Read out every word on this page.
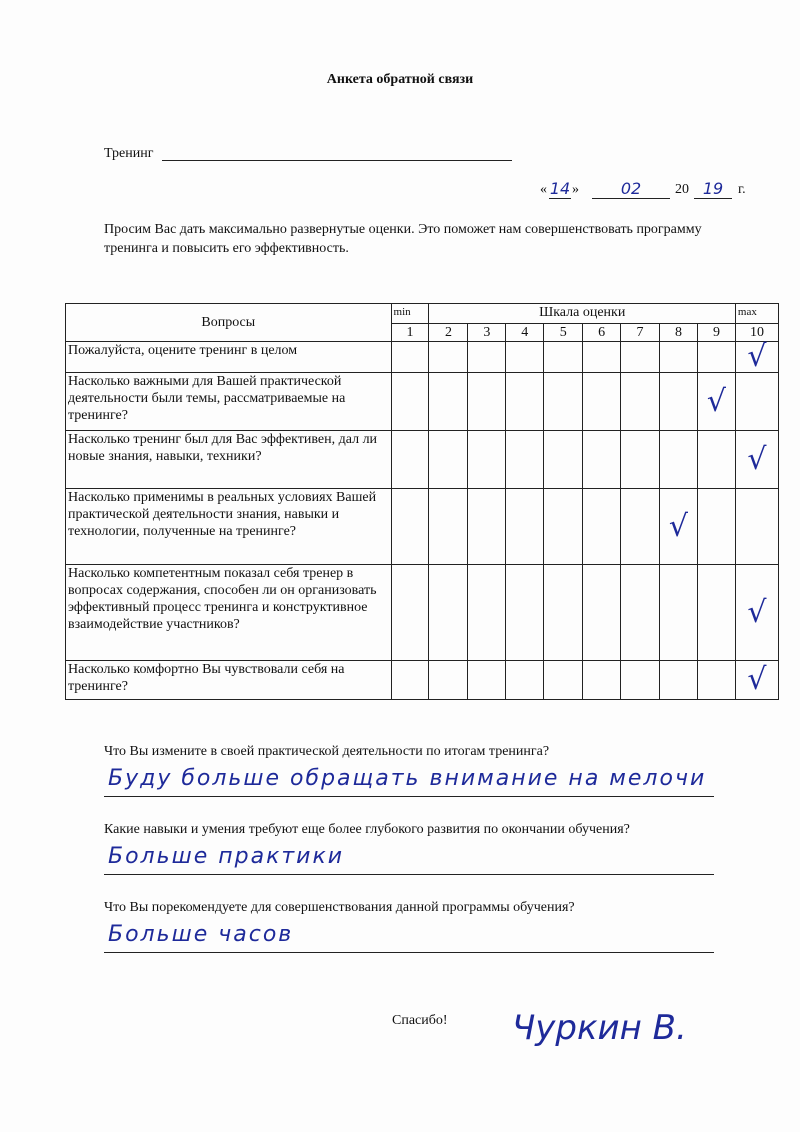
Анкета обратной связи
Тренинг
« 14 »	02	20 19	г.
Просим Вас дать максимально развернутые оценки. Это поможет нам совершенствовать программу тренинга и повысить его эффективность.
Вопросы	min	Шкала оценки								max
	1	2	3	4	5	6	7	8	9	10
Пожалуйста, оцените тренинг в целом										√
Насколько важными для Вашей практической деятельности были темы, рассматриваемые на тренинге?									√	
Насколько тренинг был для Вас эффективен, дал ли новые знания, навыки, техники?										√
Насколько применимы в реальных условиях Вашей практической деятельности знания, навыки и технологии, полученные на тренинге?								√		
Насколько компетентным показал себя тренер в вопросах содержания, способен ли он организовать эффективный процесс тренинга и конструктивное взаимодействие участников?										√
Насколько комфортно Вы чувствовали себя на тренинге?										√
Что Вы измените в своей практической деятельности по итогам тренинга?
Буду больше обращать внимание на мелочи
Какие навыки и умения требуют еще более глубокого развития по окончании обучения?
Больше практики
Что Вы порекомендуете для совершенствования данной программы обучения?
Больше часов
Спасибо! Чуркин В.
